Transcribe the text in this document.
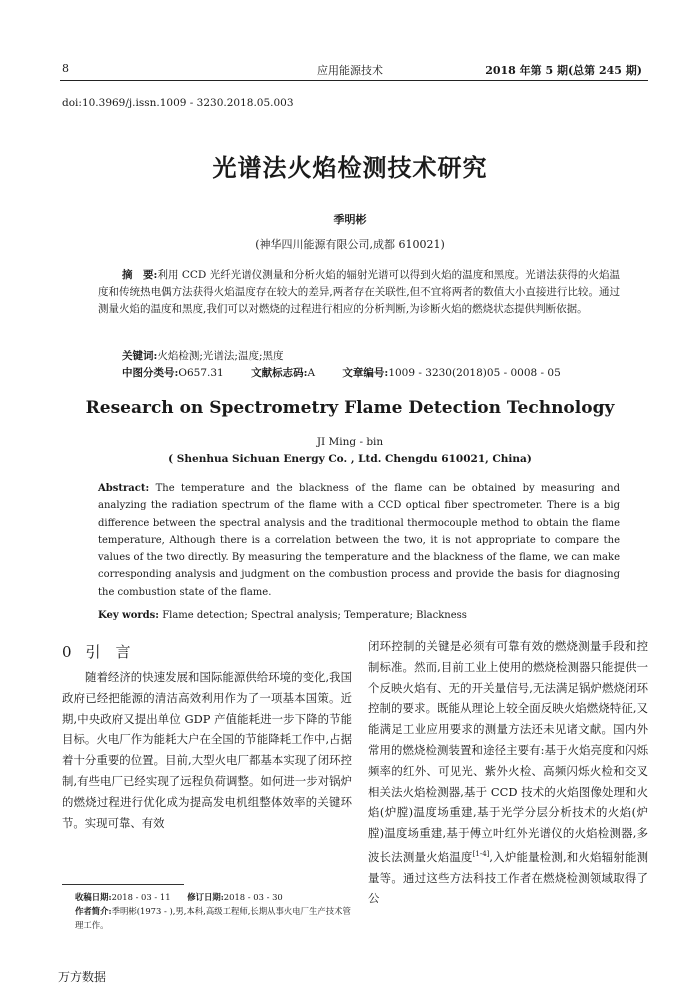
8	应用能源技术	2018 年第 5 期(总第 245 期)
doi:10.3969/j.issn.1009 - 3230.2018.05.003
光谱法火焰检测技术研究
季明彬
(神华四川能源有限公司,成都 610021)
摘　要:利用 CCD 光纤光谱仪测量和分析火焰的辐射光谱可以得到火焰的温度和黑度。光谱法获得的火焰温度和传统热电偶方法获得火焰温度存在较大的差异,两者存在关联性,但不宜将两者的数值大小直接进行比较。通过测量火焰的温度和黑度,我们可以对燃烧的过程进行相应的分析判断,为诊断火焰的燃烧状态提供判断依据。
关键词:火焰检测;光谱法;温度;黑度
中图分类号:O657.31	文献标志码:A	文章编号:1009 - 3230(2018)05 - 0008 - 05
Research on Spectrometry Flame Detection Technology
JI Ming - bin
( Shenhua Sichuan Energy Co. , Ltd. Chengdu 610021, China)
Abstract: The temperature and the blackness of the flame can be obtained by measuring and analyzing the radiation spectrum of the flame with a CCD optical fiber spectrometer. There is a big difference between the spectral analysis and the traditional thermocouple method to obtain the flame temperature, Although there is a correlation between the two, it is not appropriate to compare the values of the two directly. By measuring the temperature and the blackness of the flame, we can make corresponding analysis and judgment on the combustion process and provide the basis for diagnosing the combustion state of the flame.
Key words: Flame detection; Spectral analysis; Temperature; Blackness
0 引　言
随着经济的快速发展和国际能源供给环境的变化,我国政府已经把能源的清洁高效利用作为了一项基本国策。近期,中央政府又提出单位 GDP 产值能耗进一步下降的节能目标。火电厂作为能耗大户在全国的节能降耗工作中,占据着十分重要的位置。目前,大型火电厂都基本实现了闭环控制,有些电厂已经实现了远程负荷调整。如何进一步对锅炉的燃烧过程进行优化成为提高发电机组整体效率的关键环节。实现可靠、有效
闭环控制的关键是必须有可靠有效的燃烧测量手段和控制标准。然而,目前工业上使用的燃烧检测器只能提供一个反映火焰有、无的开关量信号,无法满足锅炉燃烧闭环控制的要求。既能从理论上较全面反映火焰燃烧特征,又能满足工业应用要求的测量方法还未见诸文献。国内外常用的燃烧检测装置和途径主要有:基于火焰亮度和闪烁频率的红外、可见光、紫外火检、高频闪烁火检和交叉相关法火焰检测器,基于 CCD 技术的火焰图像处理和火焰(炉膛)温度场重建,基于光学分层分析技术的火焰(炉膛)温度场重建,基于傅立叶红外光谱仪的火焰检测器,多波长法测量火焰温度[1-4],入炉能量检测,和火焰辐射能测量等。通过这些方法科技工作者在燃烧检测领域取得了公
收稿日期:2018 - 03 - 11 修订日期:2018 - 03 - 30
作者简介:季明彬(1973 - ),男,本科,高级工程师,长期从事火电厂生产技术管理工作。
万方数据
